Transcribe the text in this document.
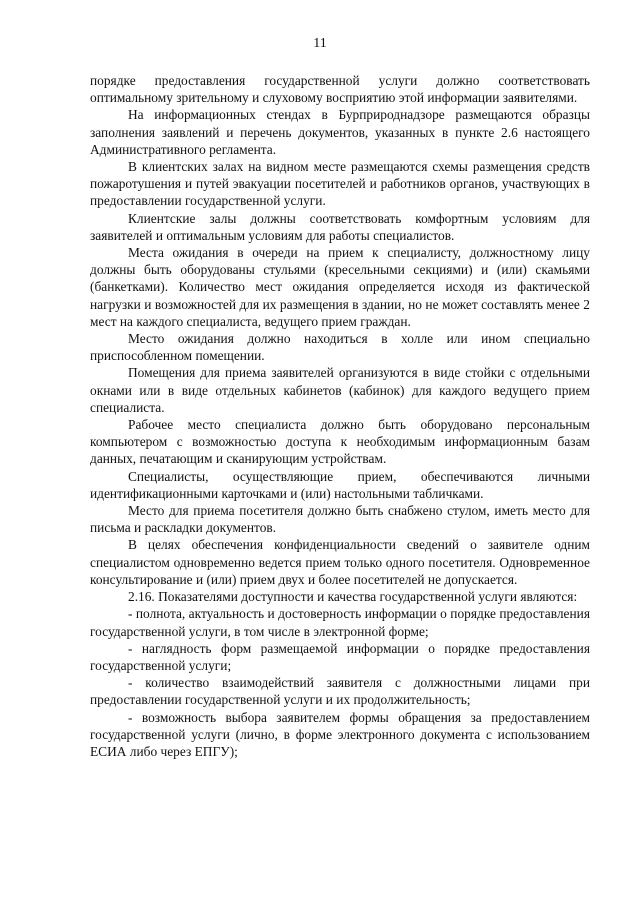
11

порядке предоставления государственной услуги должно соответствовать оптимальному зрительному и слуховому восприятию этой информации заявителями.

На информационных стендах в Бурприроднадзоре размещаются образцы заполнения заявлений и перечень документов, указанных в пункте 2.6 настоящего Административного регламента.

В клиентских залах на видном месте размещаются схемы размещения средств пожаротушения и путей эвакуации посетителей и работников органов, участвующих в предоставлении государственной услуги.

Клиентские залы должны соответствовать комфортным условиям для заявителей и оптимальным условиям для работы специалистов.

Места ожидания в очереди на прием к специалисту, должностному лицу должны быть оборудованы стульями (кресельными секциями) и (или) скамьями (банкетками). Количество мест ожидания определяется исходя из фактической нагрузки и возможностей для их размещения в здании, но не может составлять менее 2 мест на каждого специалиста, ведущего прием граждан.

Место ожидания должно находиться в холле или ином специально приспособленном помещении.

Помещения для приема заявителей организуются в виде стойки с отдельными окнами или в виде отдельных кабинетов (кабинок) для каждого ведущего прием специалиста.

Рабочее место специалиста должно быть оборудовано персональным компьютером с возможностью доступа к необходимым информационным базам данных, печатающим и сканирующим устройствам.

Специалисты, осуществляющие прием, обеспечиваются личными идентификационными карточками и (или) настольными табличками.

Место для приема посетителя должно быть снабжено стулом, иметь место для письма и раскладки документов.

В целях обеспечения конфиденциальности сведений о заявителе одним специалистом одновременно ведется прием только одного посетителя. Одновременное консультирование и (или) прием двух и более посетителей не допускается.

2.16. Показателями доступности и качества государственной услуги являются:

- полнота, актуальность и достоверность информации о порядке предоставления государственной услуги, в том числе в электронной форме;

- наглядность форм размещаемой информации о порядке предоставления государственной услуги;

- количество взаимодействий заявителя с должностными лицами при предоставлении государственной услуги и их продолжительность;

- возможность выбора заявителем формы обращения за предоставлением государственной услуги (лично, в форме электронного документа с использованием ЕСИА либо через ЕПГУ);
